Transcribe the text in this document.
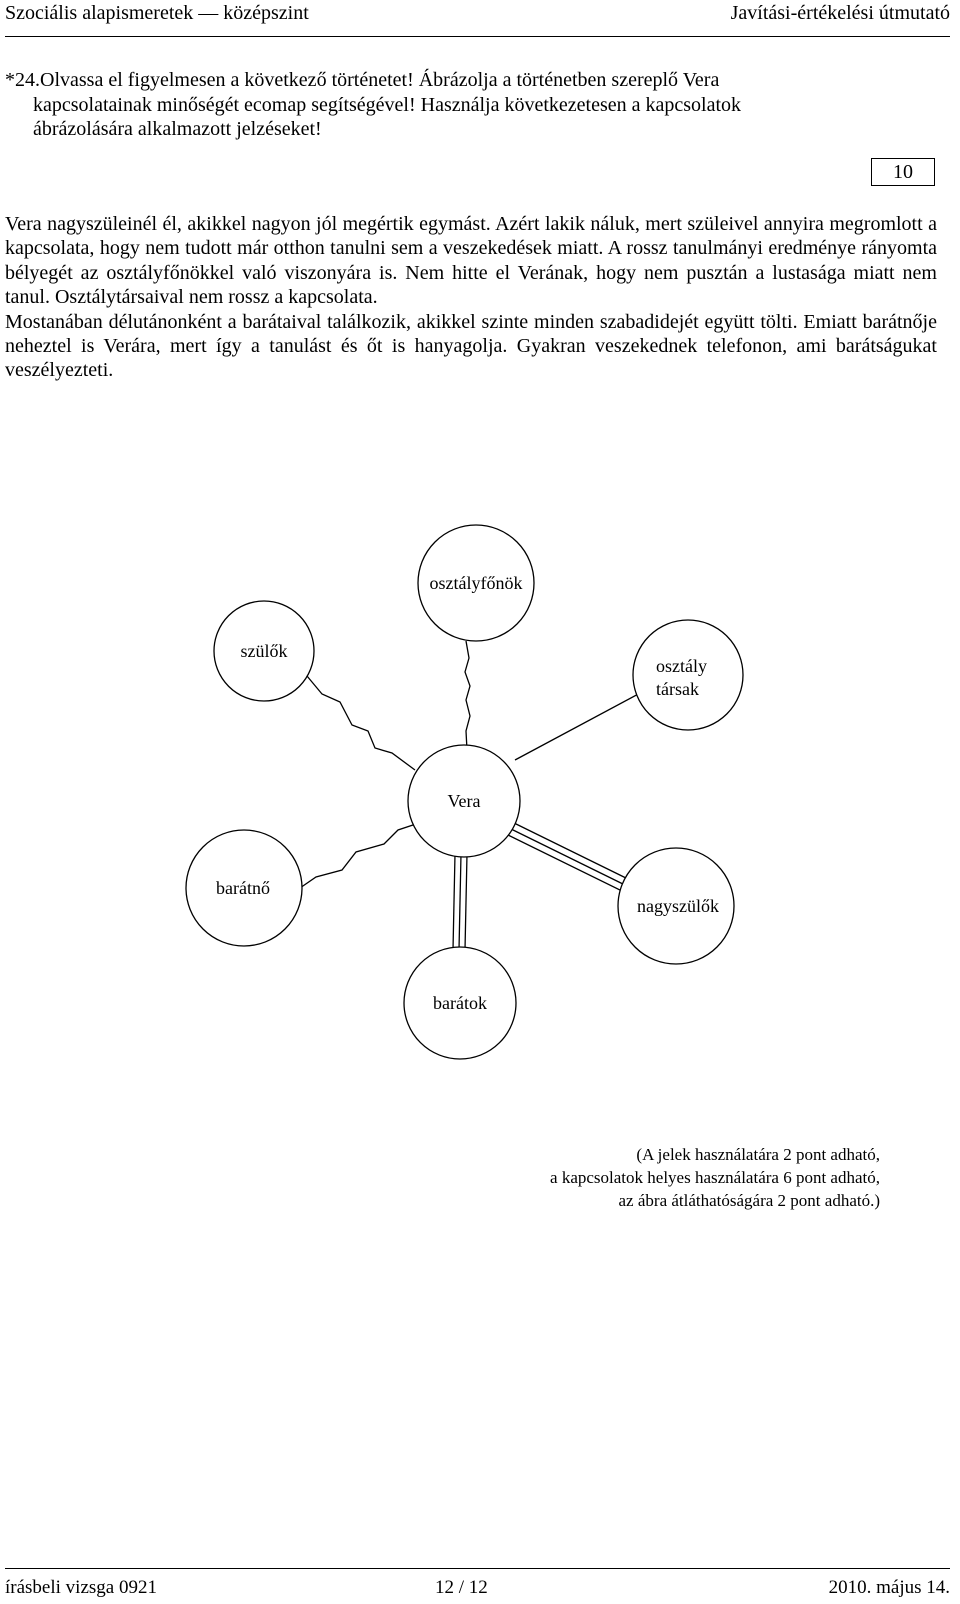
Szociális alapismeretek — középszint	Javítási-értékelési útmutató
*24.Olvassa el figyelmesen a következő történetet! Ábrázolja a történetben szereplő Vera
kapcsolatainak minőségét ecomap segítségével! Használja következetesen a kapcsolatok
ábrázolására alkalmazott jelzéseket!
10

Vera nagyszüleinél él, akikkel nagyon jól megértik egymást. Azért lakik náluk, mert szüleivel annyira megromlott a kapcsolata, hogy nem tudott már otthon tanulni sem a veszekedések miatt. A rossz tanulmányi eredménye rányomta bélyegét az osztályfőnökkel való viszonyára is. Nem hitte el Verának, hogy nem pusztán a lustasága miatt nem tanul. Osztálytársaival nem rossz a kapcsolata.

Mostanában délutánonként a barátaival találkozik, akikkel szinte minden szabadidejét együtt tölti. Emiatt barátnője neheztel is Verára, mert így a tanulást és őt is hanyagolja. Gyakran veszekednek telefonon, ami barátságukat veszélyezteti.

osztályfőnök
szülők
osztály
társak
Vera
barátnő
nagyszülők
barátok
(A jelek használatára 2 pont adható,
a kapcsolatok helyes használatára 6 pont adható,
az ábra átláthatóságára 2 pont adható.)
írásbeli vizsga 0921	12 / 12	2010. május 14.
